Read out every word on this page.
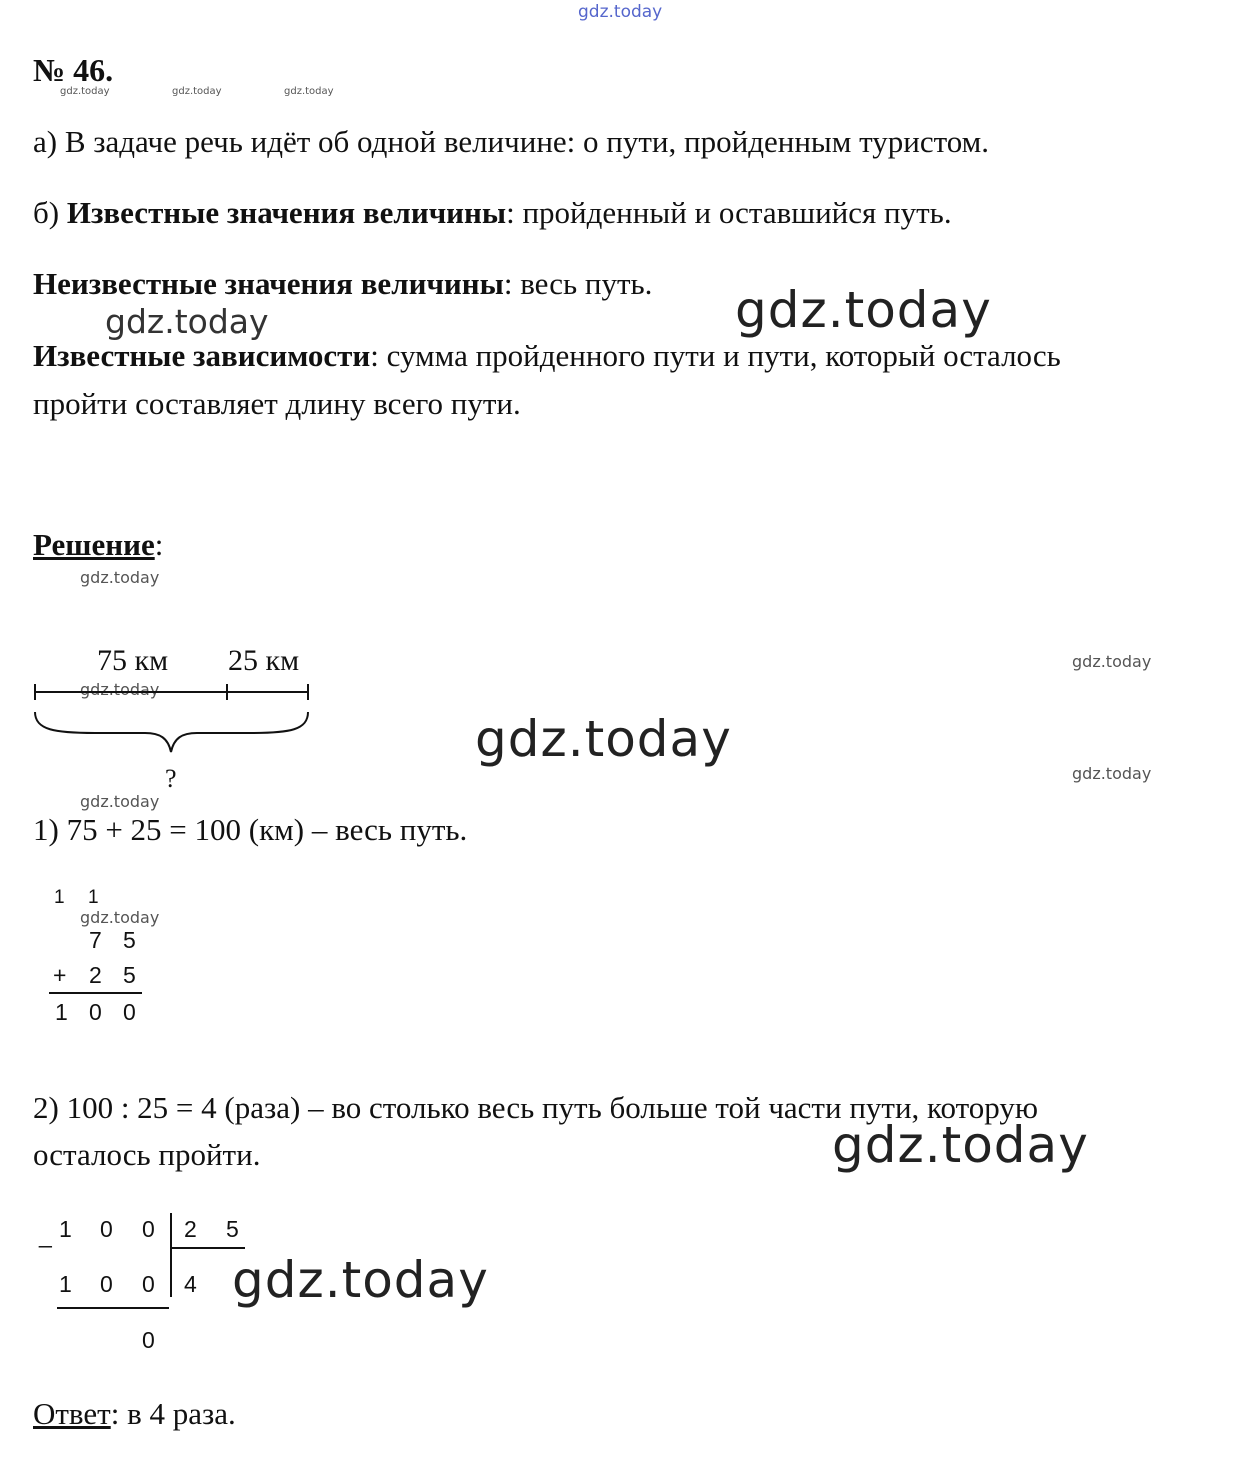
gdz.today
gdz.today	gdz.today	gdz.today
gdz.today	gdz.today
gdz.today
gdz.today
gdz.today
gdz.today
gdz.today
gdz.today
gdz.today
gdz.today
gdz.today
№ 46.
а) В задаче речь идёт об одной величине: о пути, пройденным туристом.
б) Известные значения величины: пройденный и оставшийся путь.
Неизвестные значения величины: весь путь.
Известные зависимости: сумма пройденного пути и пути, который осталось
пройти составляет длину всего пути.
Решение:
75 км 25 км
?
1) 75 + 25 = 100 (км) – весь путь.
1 1
7 5
+ 2 5
1 0 0
2) 100 : 25 = 4 (раза) – во столько весь путь больше той части пути, которую
осталось пройти.
_ 1 0 0 2 5
1 0 0 4
0
Ответ: в 4 раза.
